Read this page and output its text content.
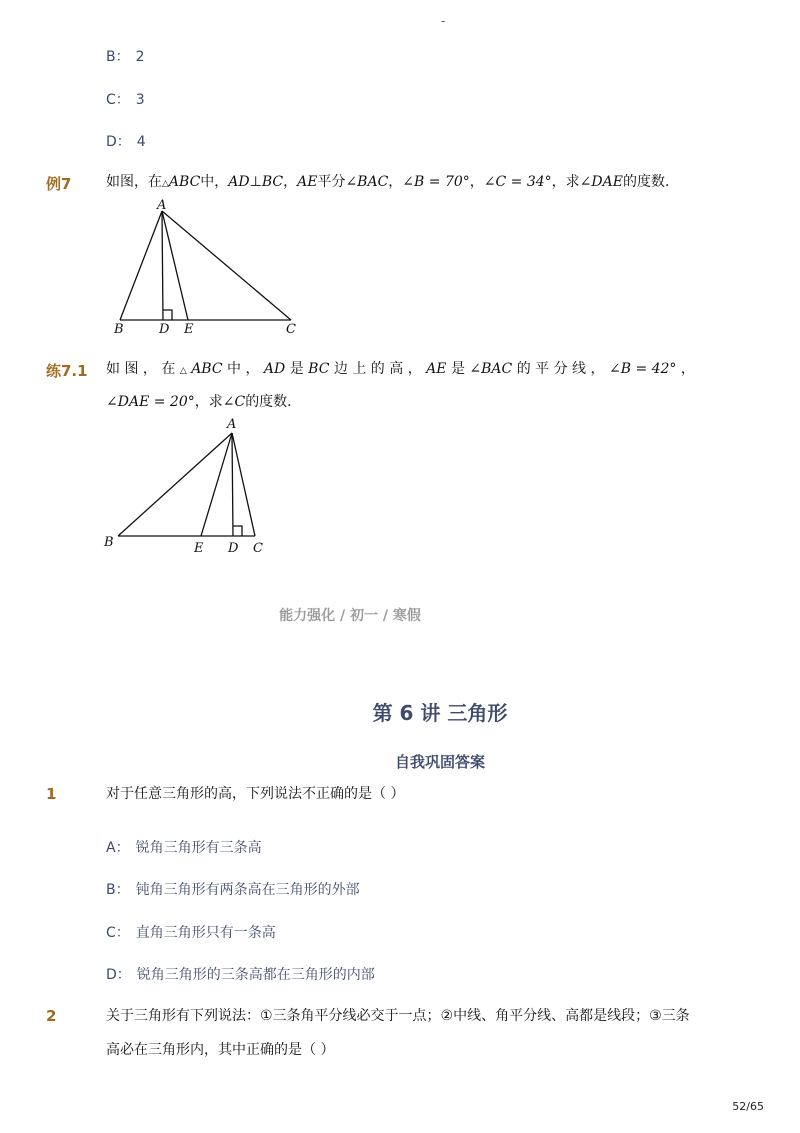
-
B： 2
C： 3
D： 4
例7 如图，在△ABC中，AD⊥BC，AE平分∠BAC，∠B = 70°，∠C = 34°，求∠DAE的度数．
A
B	D E	C
练7.1 如 图 ， 在 △ ABC 中 ， AD 是 BC 边 上 的 高 ， AE 是 ∠BAC 的 平 分 线 ， ∠B = 42° ，
∠DAE = 20°，求∠C的度数．
A
B	E D C
能力强化 / 初一 / 寒假
第 6 讲 三角形
自我巩固答案
1	对于任意三角形的高，下列说法不正确的是（ ）
A： 锐角三角形有三条高
B： 钝角三角形有两条高在三角形的外部
C： 直角三角形只有一条高
D： 锐角三角形的三条高都在三角形的内部
2	关于三角形有下列说法：①三条角平分线必交于一点；②中线、角平分线、高都是线段；③三条
高必在三角形内，其中正确的是（ ）
52/65
